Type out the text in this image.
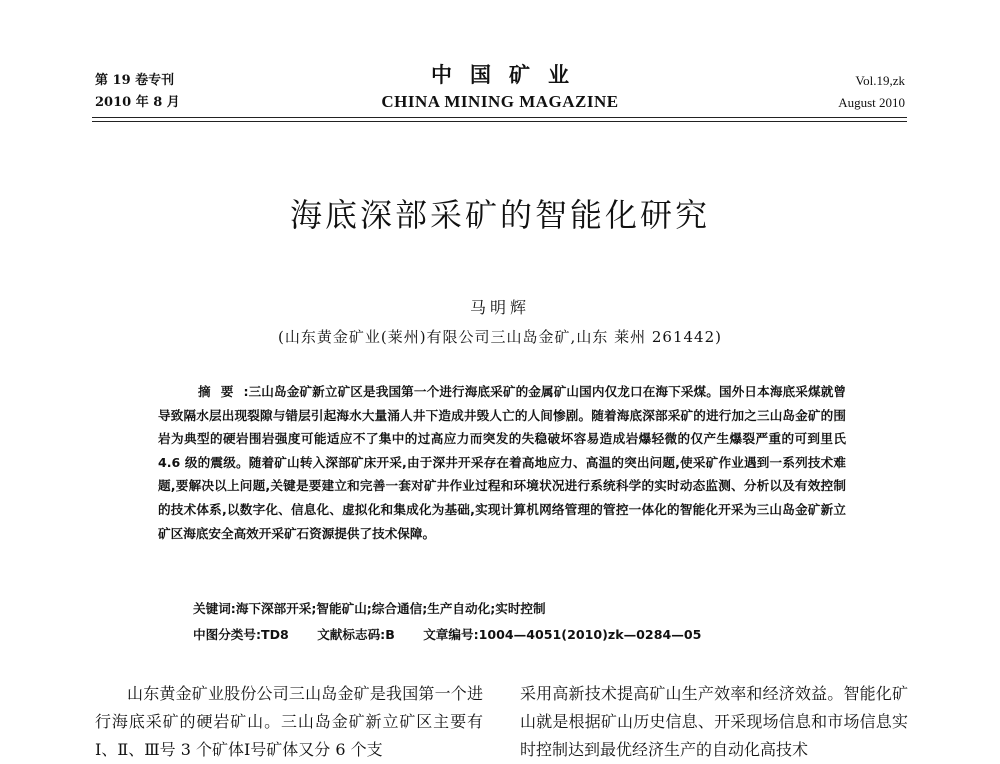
第 19 卷专刊
2010 年 8 月
中国矿业
CHINA MINING MAGAZINE
Vol.19,zk
August 2010
海底深部采矿的智能化研究
马明辉
(山东黄金矿业(莱州)有限公司三山岛金矿,山东 莱州 261442)
摘要:三山岛金矿新立矿区是我国第一个进行海底采矿的金属矿山国内仅龙口在海下采煤。国外日本海底采煤就曾导致隔水层出现裂隙与错层引起海水大量涌人井下造成井毁人亡的人间惨剧。随着海底深部采矿的进行加之三山岛金矿的围岩为典型的硬岩围岩强度可能适应不了集中的过高应力而突发的失稳破坏容易造成岩爆轻微的仅产生爆裂严重的可到里氏 4.6 级的震级。随着矿山转入深部矿床开采,由于深井开采存在着高地应力、高温的突出问题,使采矿作业遇到一系列技术难题,要解决以上问题,关键是要建立和完善一套对矿井作业过程和环境状况进行系统科学的实时动态监测、分析以及有效控制的技术体系,以数字化、信息化、虚拟化和集成化为基础,实现计算机网络管理的管控一体化的智能化开采为三山岛金矿新立矿区海底安全高效开采矿石资源提供了技术保障。
关键词:海下深部开采;智能矿山;综合通信;生产自动化;实时控制
中图分类号:TD8 文献标志码:B 文章编号:1004—4051(2010)zk—0284—05
山东黄金矿业股份公司三山岛金矿是我国第一个进行海底采矿的硬岩矿山。三山岛金矿新立矿区主要有Ⅰ、Ⅱ、Ⅲ号 3 个矿体Ⅰ号矿体又分 6 个支
采用高新技术提高矿山生产效率和经济效益。智能化矿山就是根据矿山历史信息、开采现场信息和市场信息实时控制达到最优经济生产的自动化高技术
